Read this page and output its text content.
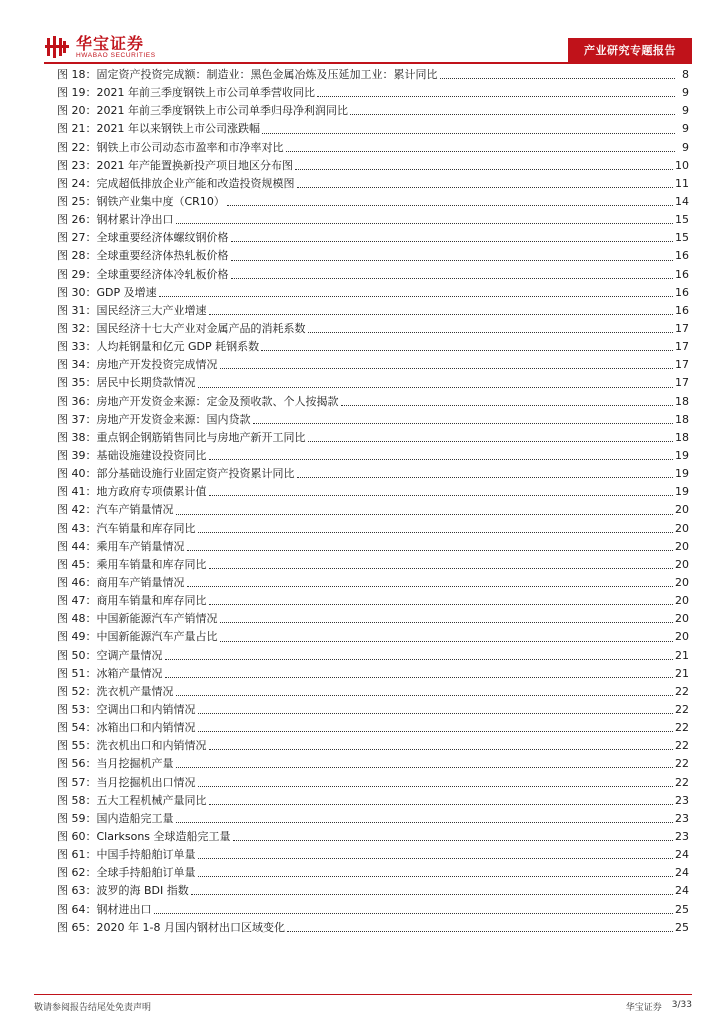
华宝证券
HWABAO SECURITIES	产业研究专题报告
图 18：固定资产投资完成额：制造业：黑色金属冶炼及压延加工业：累计同比	8
图 19：2021 年前三季度钢铁上市公司单季营收同比	9
图 20：2021 年前三季度钢铁上市公司单季归母净利润同比	9
图 21：2021 年以来钢铁上市公司涨跌幅	9
图 22：钢铁上市公司动态市盈率和市净率对比	9
图 23：2021 年产能置换新投产项目地区分布图	10
图 24：完成超低排放企业产能和改造投资规模图	11
图 25：钢铁产业集中度（CR10）	14
图 26：钢材累计净出口	15
图 27：全球重要经济体螺纹钢价格	15
图 28：全球重要经济体热轧板价格	16
图 29：全球重要经济体冷轧板价格	16
图 30：GDP 及增速	16
图 31：国民经济三大产业增速	16
图 32：国民经济十七大产业对金属产品的消耗系数	17
图 33：人均耗钢量和亿元 GDP 耗钢系数	17
图 34：房地产开发投资完成情况	17
图 35：居民中长期贷款情况	17
图 36：房地产开发资金来源：定金及预收款、个人按揭款	18
图 37：房地产开发资金来源：国内贷款	18
图 38：重点钢企钢筋销售同比与房地产新开工同比	18
图 39：基础设施建设投资同比	19
图 40：部分基础设施行业固定资产投资累计同比	19
图 41：地方政府专项债累计值	19
图 42：汽车产销量情况	20
图 43：汽车销量和库存同比	20
图 44：乘用车产销量情况	20
图 45：乘用车销量和库存同比	20
图 46：商用车产销量情况	20
图 47：商用车销量和库存同比	20
图 48：中国新能源汽车产销情况	20
图 49：中国新能源汽车产量占比	20
图 50：空调产量情况	21
图 51：冰箱产量情况	21
图 52：洗衣机产量情况	22
图 53：空调出口和内销情况	22
图 54：冰箱出口和内销情况	22
图 55：洗衣机出口和内销情况	22
图 56：当月挖掘机产量	22
图 57：当月挖掘机出口情况	22
图 58：五大工程机械产量同比	23
图 59：国内造船完工量	23
图 60：Clarksons 全球造船完工量	23
图 61：中国手持船舶订单量	24
图 62：全球手持船舶订单量	24
图 63：波罗的海 BDI 指数	24
图 64：钢材进出口	25
图 65：2020 年 1-8 月国内钢材出口区域变化	25
敬请参阅报告结尾处免责声明	华宝证券 3/33
